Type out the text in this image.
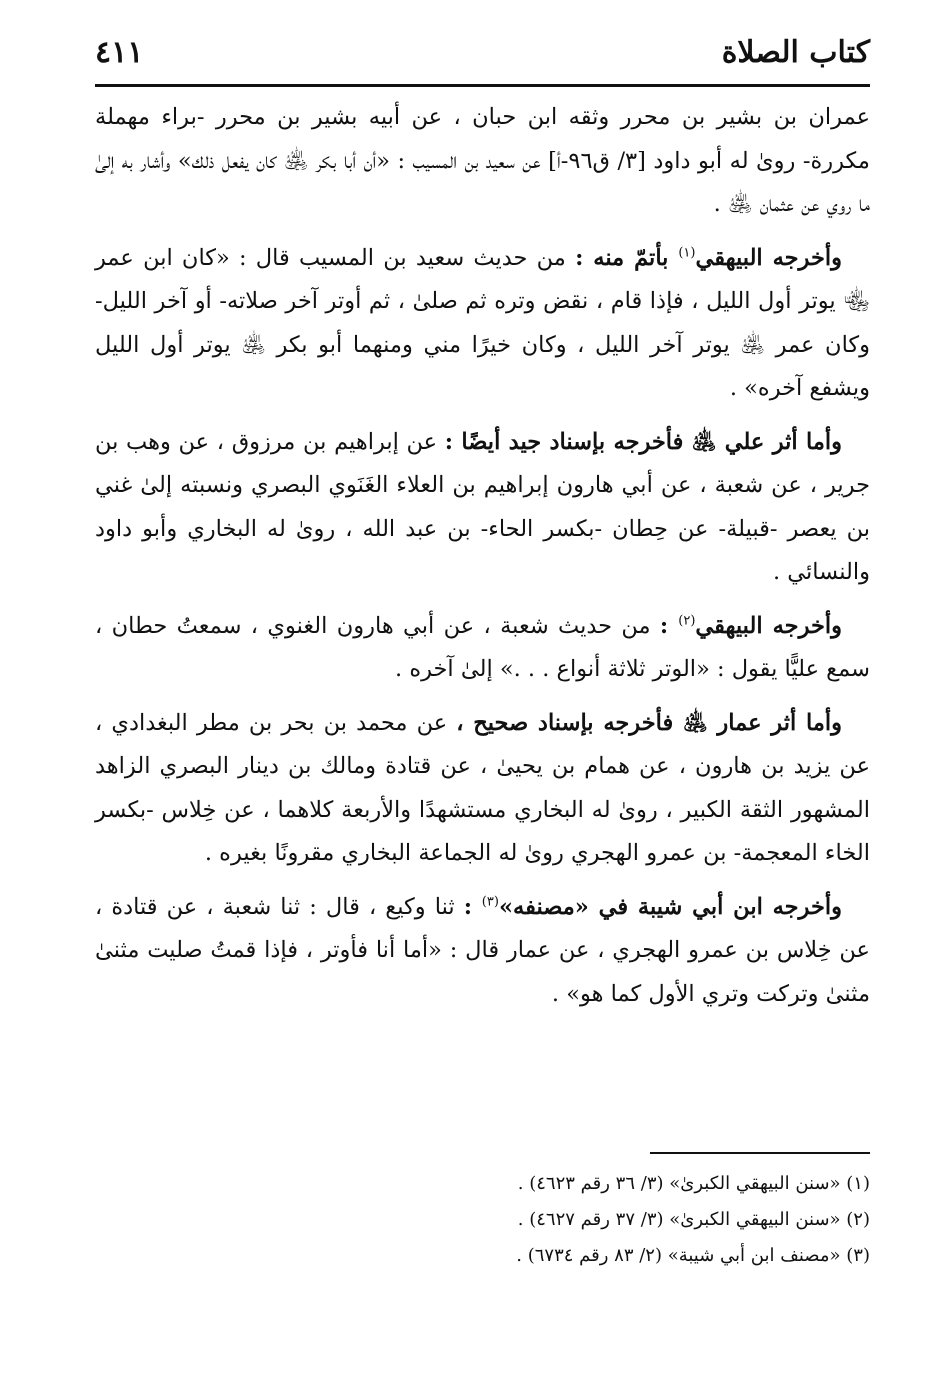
كتاب الصلاة
٤١١

عمران بن بشير بن محرر وثقه ابن حبان ، عن أبيه بشير بن محرر -براء مهملة مكررة- روىٰ له أبو داود [٣/ ق٩٦-أ] عن سعيد بن المسيب : «أن أبا بكر ﵁ كان يفعل ذلك» وأشار به إلىٰ ما روي عن عثمان ﵁ .

وأخرجه البيهقي$^{(١)}$ بأتمّ منه : من حديث سعيد بن المسيب قال : «كان ابن عمر ﵄ يوتر أول الليل ، فإذا قام ، نقض وتره ثم صلىٰ ، ثم أوتر آخر صلاته- أو آخر الليل- وكان عمر ﵁ يوتر آخر الليل ، وكان خيرًا مني ومنهما أبو بكر ﵁ يوتر أول الليل ويشفع آخره» .

وأما أثر علي ﵁ فأخرجه بإسناد جيد أيضًا : عن إبراهيم بن مرزوق ، عن وهب بن جرير ، عن شعبة ، عن أبي هارون إبراهيم بن العلاء الغَنَوي البصري ونسبته إلىٰ غني بن يعصر -قبيلة- عن حِطان -بكسر الحاء- بن عبد الله ، روىٰ له البخاري وأبو داود والنسائي .

وأخرجه البيهقي$^{(٢)}$ : من حديث شعبة ، عن أبي هارون الغنوي ، سمعتُ حطان ، سمع عليًّا يقول : «الوتر ثلاثة أنواع . . .» إلىٰ آخره .

وأما أثر عمار ﵁ فأخرجه بإسناد صحيح ، عن محمد بن بحر بن مطر البغدادي ، عن يزيد بن هارون ، عن همام بن يحيىٰ ، عن قتادة ومالك بن دينار البصري الزاهد المشهور الثقة الكبير ، روىٰ له البخاري مستشهدًا والأربعة كلاهما ، عن خِلاس -بكسر الخاء المعجمة- بن عمرو الهجري روىٰ له الجماعة البخاري مقرونًا بغيره .

وأخرجه ابن أبي شيبة في «مصنفه»$^{(٣)}$ : ثنا وكيع ، قال : ثنا شعبة ، عن قتادة ، عن خِلاس بن عمرو الهجري ، عن عمار قال : «أما أنا فأوتر ، فإذا قمتُ صليت مثنىٰ مثنىٰ وتركت وتري الأول كما هو» .

(١) «سنن البيهقي الكبرىٰ» (٣/ ٣٦ رقم ٤٦٢٣) .

(٢) «سنن البيهقي الكبرىٰ» (٣/ ٣٧ رقم ٤٦٢٧) .

(٣) «مصنف ابن أبي شيبة» (٢/ ٨٣ رقم ٦٧٣٤) .
